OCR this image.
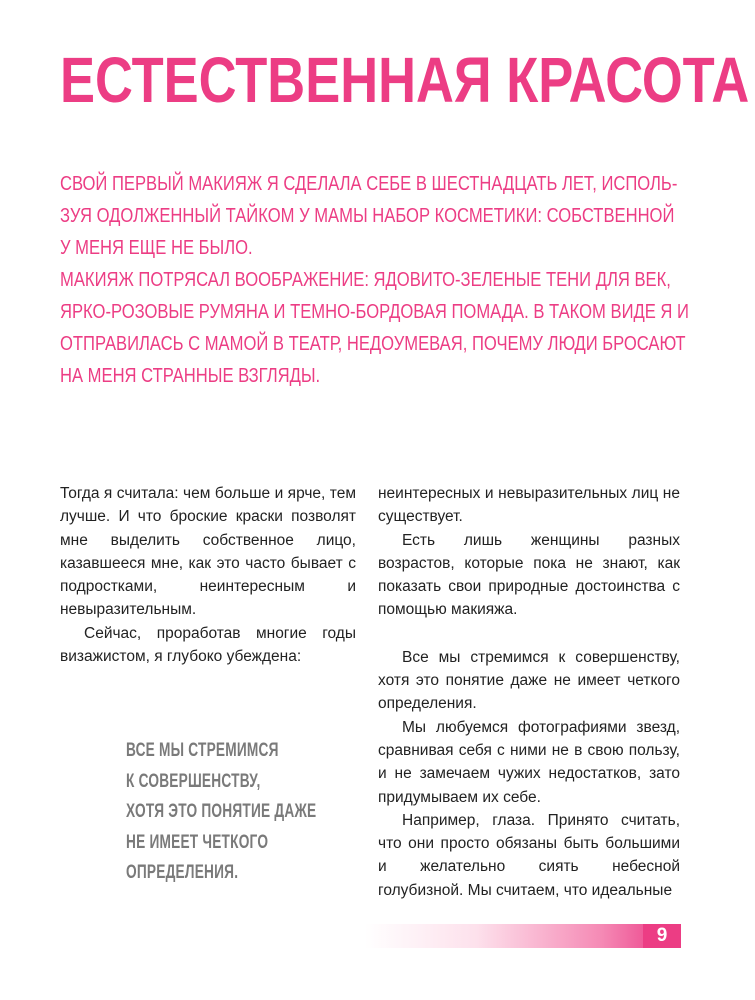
ЕСТЕСТВЕННАЯ КРАСОТА

СВОЙ ПЕРВЫЙ МАКИЯЖ Я СДЕЛАЛА СЕБЕ В ШЕСТНАДЦАТЬ ЛЕТ, ИСПОЛЬ-

ЗУЯ ОДОЛЖЕННЫЙ ТАЙКОМ У МАМЫ НАБОР КОСМЕТИКИ: СОБСТВЕННОЙ

У МЕНЯ ЕЩЕ НЕ БЫЛО.

МАКИЯЖ ПОТРЯСАЛ ВООБРАЖЕНИЕ: ЯДОВИТО-ЗЕЛЕНЫЕ ТЕНИ ДЛЯ ВЕК,

ЯРКО-РОЗОВЫЕ РУМЯНА И ТЕМНО-БОРДОВАЯ ПОМАДА. В ТАКОМ ВИДЕ Я И

ОТПРАВИЛАСЬ С МАМОЙ В ТЕАТР, НЕДОУМЕВАЯ, ПОЧЕМУ ЛЮДИ БРОСАЮТ

НА МЕНЯ СТРАННЫЕ ВЗГЛЯДЫ.

Тогда я считала: чем больше и ярче, тем лучше. И что броские краски позволят мне выделить собственное лицо, казавшееся мне, как это часто бывает с подростками, неинтересным и невыразительным.

Сейчас, проработав многие годы визажистом, я глубоко убеждена:

ВСЕ МЫ СТРЕМИМСЯ
К СОВЕРШЕНСТВУ,
ХОТЯ ЭТО ПОНЯТИЕ ДАЖЕ
НЕ ИМЕЕТ ЧЕТКОГО
ОПРЕДЕЛЕНИЯ.

неинтересных и невыразительных лиц не существует.

Есть лишь женщины разных возрастов, которые пока не знают, как показать свои природные достоинства с помощью макияжа.

Все мы стремимся к совершенству, хотя это понятие даже не имеет четкого определения.

Мы любуемся фотографиями звезд, сравнивая себя с ними не в свою пользу, и не замечаем чужих недостатков, зато придумываем их себе.

Например, глаза. Принято считать, что они просто обязаны быть большими и желательно сиять небесной голубизной. Мы считаем, что идеальные

9
